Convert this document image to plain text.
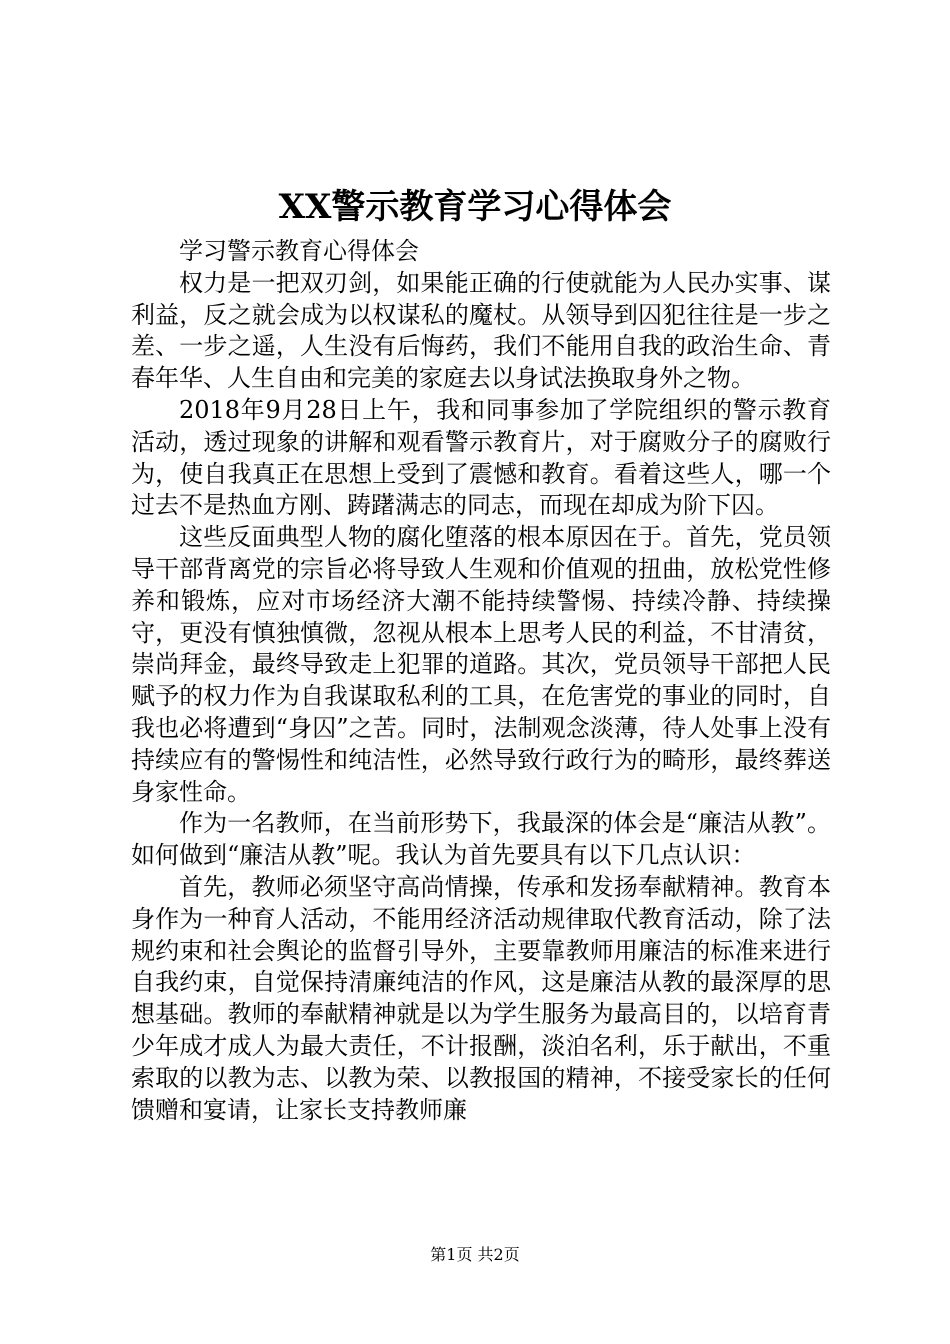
XX警示教育学习心得体会

学习警示教育心得体会

权力是一把双刃剑，如果能正确的行使就能为人民办实事、谋利益，反之就会成为以权谋私的魔杖。从领导到囚犯往往是一步之差、一步之遥，人生没有后悔药，我们不能用自我的政治生命、青春年华、人生自由和完美的家庭去以身试法换取身外之物。

2018年9月28日上午，我和同事参加了学院组织的警示教育活动，透过现象的讲解和观看警示教育片，对于腐败分子的腐败行为，使自我真正在思想上受到了震憾和教育。看着这些人，哪一个过去不是热血方刚、踌躇满志的同志，而现在却成为阶下囚。

这些反面典型人物的腐化堕落的根本原因在于。首先，党员领导干部背离党的宗旨必将导致人生观和价值观的扭曲，放松党性修养和锻炼，应对市场经济大潮不能持续警惕、持续冷静、持续操守，更没有慎独慎微，忽视从根本上思考人民的利益，不甘清贫，崇尚拜金，最终导致走上犯罪的道路。其次，党员领导干部把人民赋予的权力作为自我谋取私利的工具，在危害党的事业的同时，自我也必将遭到“身囚”之苦。同时，法制观念淡薄，待人处事上没有持续应有的警惕性和纯洁性，必然导致行政行为的畸形，最终葬送身家性命。

作为一名教师，在当前形势下，我最深的体会是“廉洁从教”。如何做到“廉洁从教”呢。我认为首先要具有以下几点认识：

首先，教师必须坚守高尚情操，传承和发扬奉献精神。教育本身作为一种育人活动，不能用经济活动规律取代教育活动，除了法规约束和社会舆论的监督引导外，主要靠教师用廉洁的标准来进行自我约束，自觉保持清廉纯洁的作风，这是廉洁从教的最深厚的思想基础。教师的奉献精神就是以为学生服务为最高目的，以培育青少年成才成人为最大责任，不计报酬，淡泊名利，乐于献出，不重索取的以教为志、以教为荣、以教报国的精神，不接受家长的任何馈赠和宴请，让家长支持教师廉

第1页 共2页
